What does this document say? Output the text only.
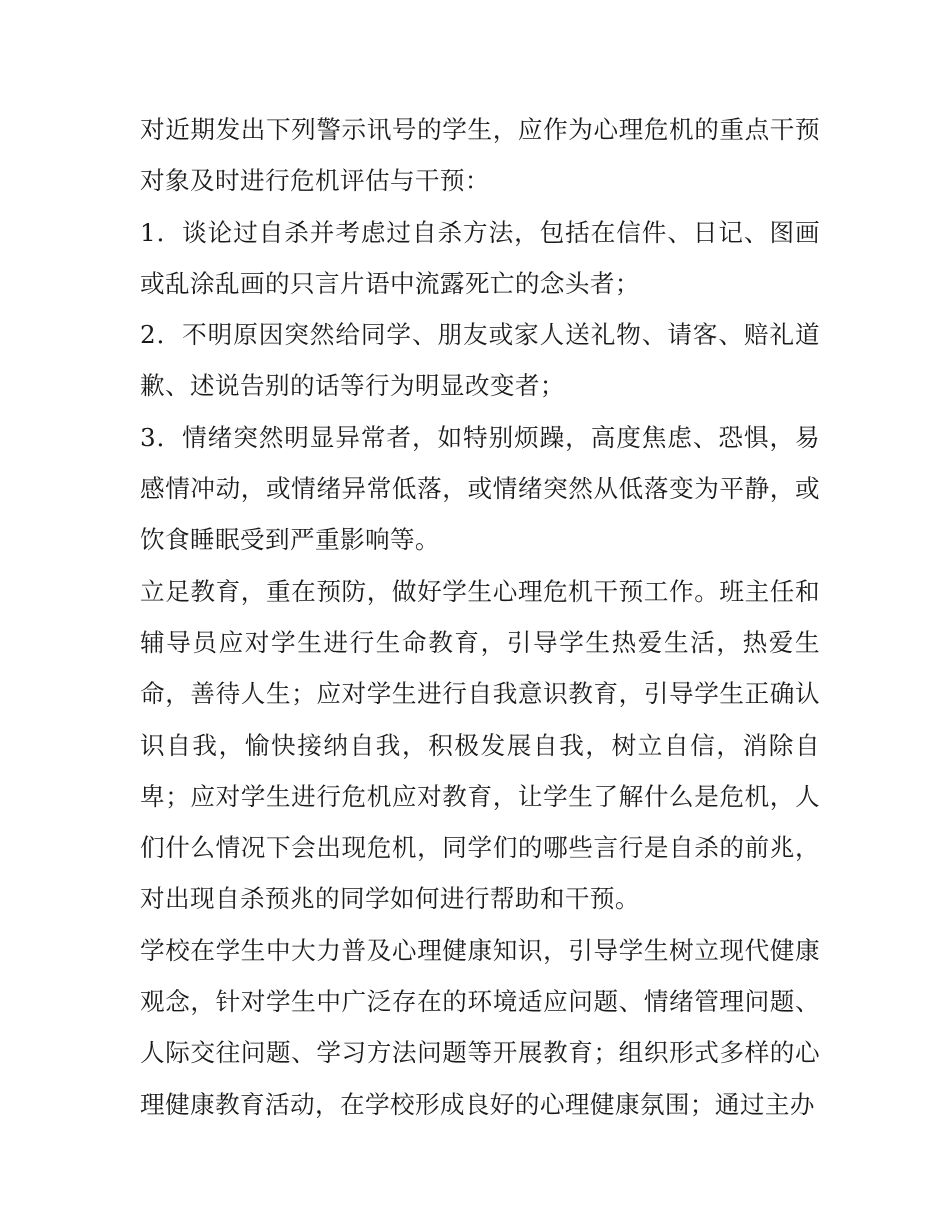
对近期发出下列警示讯号的学生，应作为心理危机的重点干预对象及时进行危机评估与干预：

1．谈论过自杀并考虑过自杀方法，包括在信件、日记、图画或乱涂乱画的只言片语中流露死亡的念头者；

2．不明原因突然给同学、朋友或家人送礼物、请客、赔礼道歉、述说告别的话等行为明显改变者；

3．情绪突然明显异常者，如特别烦躁，高度焦虑、恐惧，易感情冲动，或情绪异常低落，或情绪突然从低落变为平静，或饮食睡眠受到严重影响等。

立足教育，重在预防，做好学生心理危机干预工作。班主任和辅导员应对学生进行生命教育，引导学生热爱生活，热爱生命，善待人生；应对学生进行自我意识教育，引导学生正确认识自我，愉快接纳自我，积极发展自我，树立自信，消除自卑；应对学生进行危机应对教育，让学生了解什么是危机，人们什么情况下会出现危机，同学们的哪些言行是自杀的前兆，对出现自杀预兆的同学如何进行帮助和干预。

学校在学生中大力普及心理健康知识，引导学生树立现代健康观念，针对学生中广泛存在的环境适应问题、情绪管理问题、人际交往问题、学习方法问题等开展教育；组织形式多样的心理健康教育活动，在学校形成良好的心理健康氛围；通过主办
